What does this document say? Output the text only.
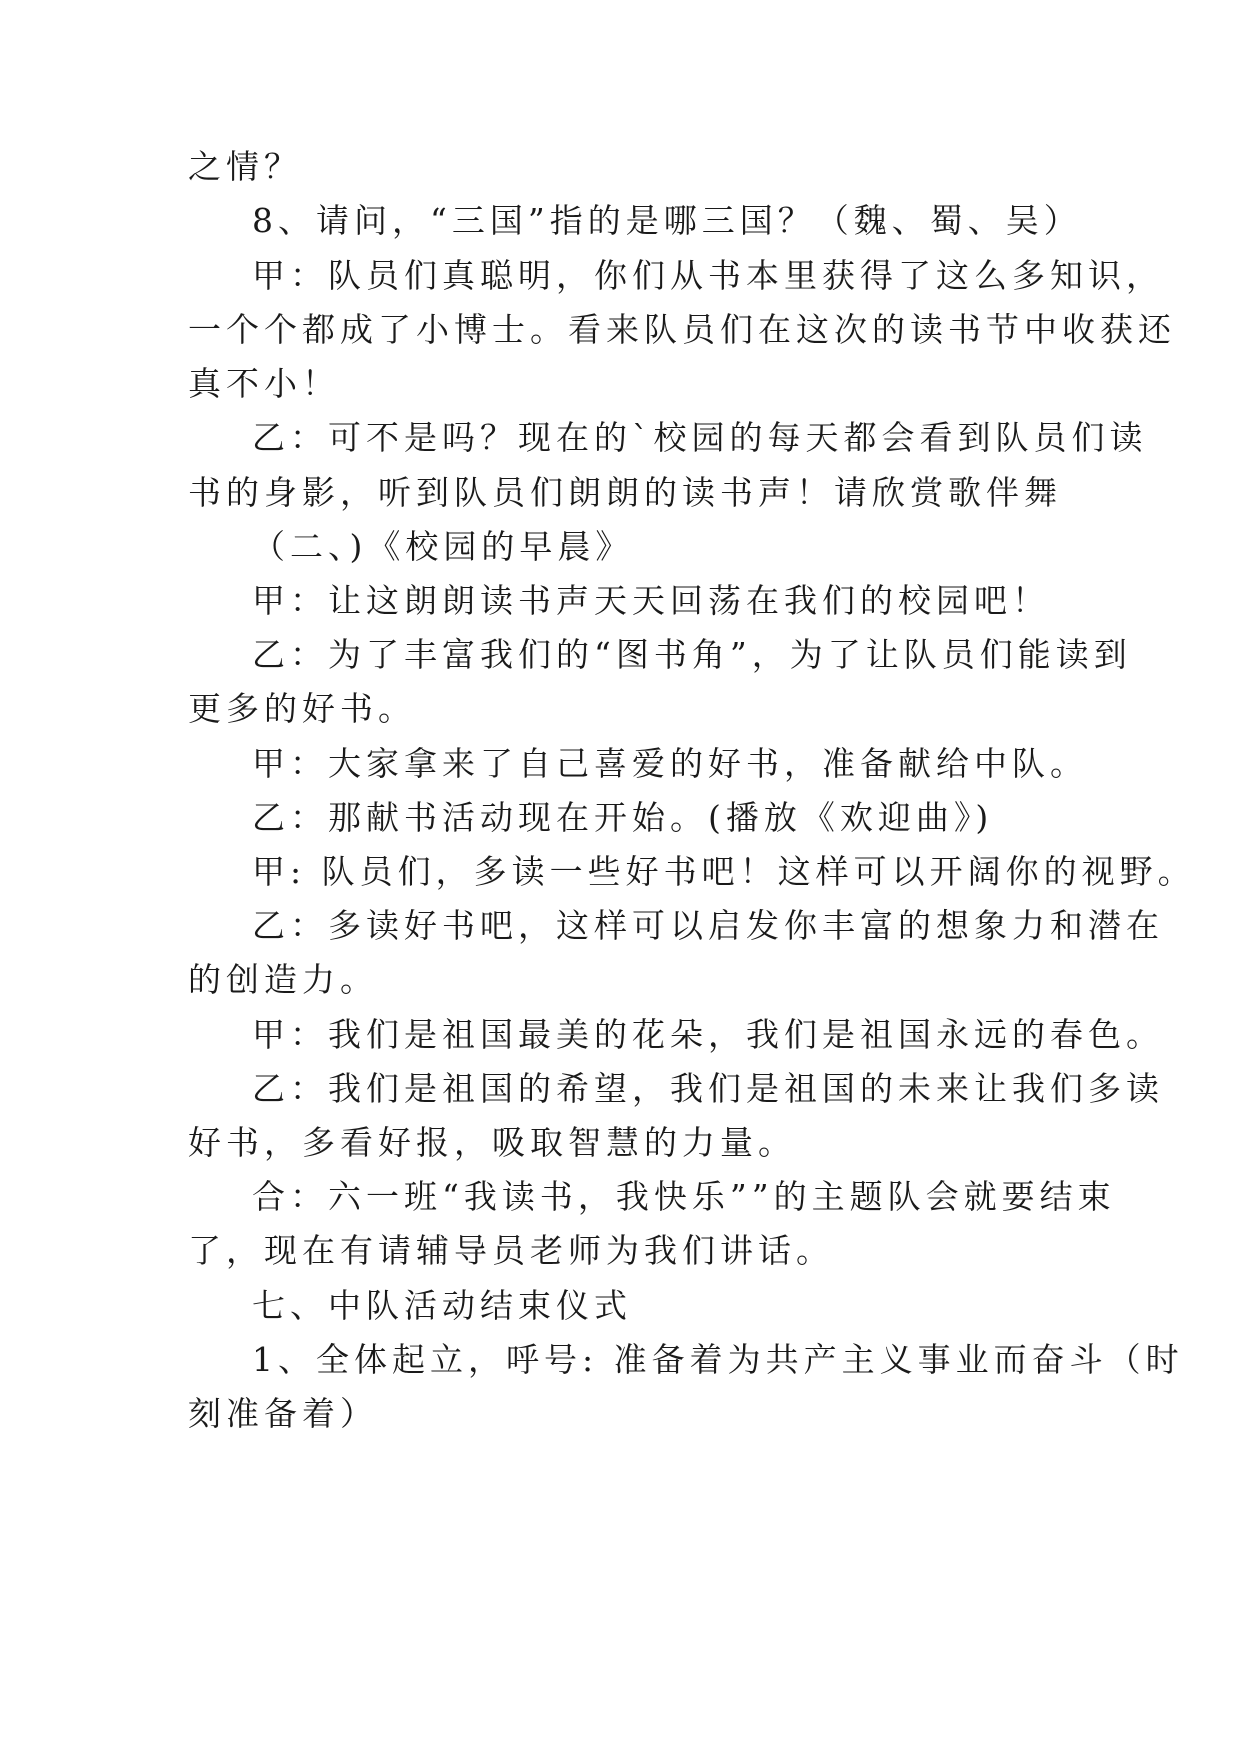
之情？

8、请问，“三国”指的是哪三国？（魏、蜀、吴）

甲：队员们真聪明，你们从书本里获得了这么多知识，

一个个都成了小博士。看来队员们在这次的读书节中收获还

真不小！

乙：可不是吗？现在的`校园的每天都会看到队员们读

书的身影，听到队员们朗朗的读书声！请欣赏歌伴舞

（二、)《校园的早晨》

甲：让这朗朗读书声天天回荡在我们的校园吧！

乙：为了丰富我们的“图书角”，为了让队员们能读到

更多的好书。

甲：大家拿来了自己喜爱的好书，准备献给中队。

乙：那献书活动现在开始。(播放《欢迎曲》)

甲: 队员们，多读一些好书吧！这样可以开阔你的视野。

乙：多读好书吧，这样可以启发你丰富的想象力和潜在

的创造力。

甲：我们是祖国最美的花朵，我们是祖国永远的春色。

乙：我们是祖国的希望，我们是祖国的未来让我们多读

好书，多看好报，吸取智慧的力量。

合：六一班“我读书，我快乐””的主题队会就要结束

了，现在有请辅导员老师为我们讲话。

七、中队活动结束仪式

1、全体起立，呼号: 准备着为共产主义事业而奋斗（时

刻准备着）
